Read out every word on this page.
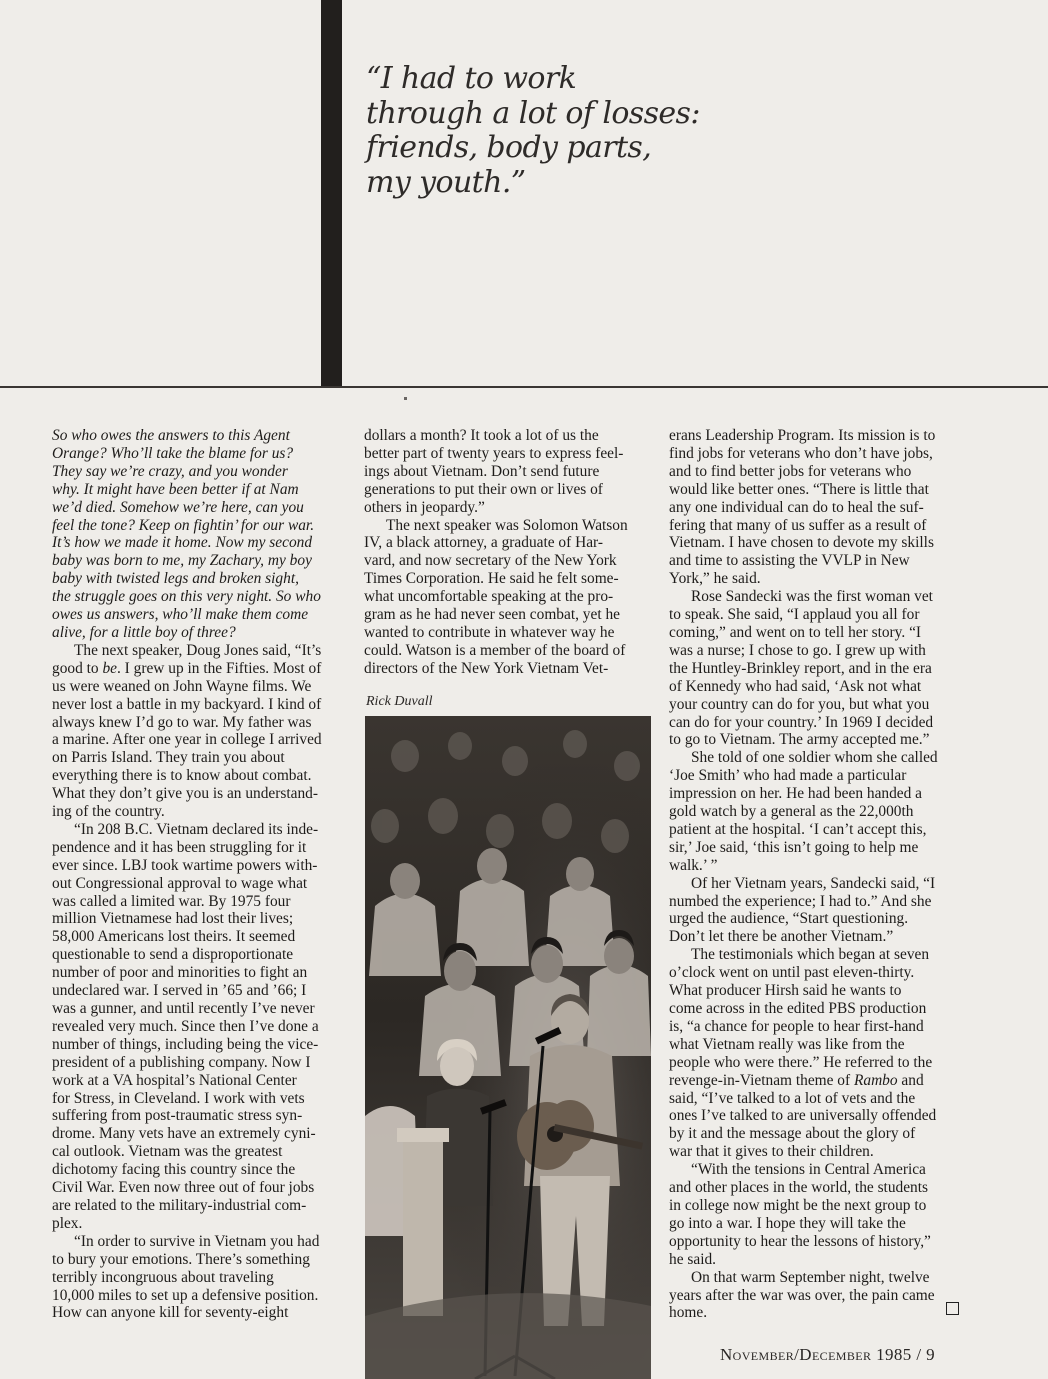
“I had to work
through a lot of losses:
friends, body parts,
my youth.”
So who owes the answers to this Agent
Orange? Who’ll take the blame for us?
They say we’re crazy, and you wonder
why. It might have been better if at Nam
we’d died. Somehow we’re here, can you
feel the tone? Keep on fightin’ for our war.
It’s how we made it home. Now my second
baby was born to me, my Zachary, my boy
baby with twisted legs and broken sight,
the struggle goes on this very night. So who
owes us answers, who’ll make them come
alive, for a little boy of three?
The next speaker, Doug Jones said, “It’s
good to be. I grew up in the Fifties. Most of
us were weaned on John Wayne films. We
never lost a battle in my backyard. I kind of
always knew I’d go to war. My father was
a marine. After one year in college I arrived
on Parris Island. They train you about
everything there is to know about combat.
What they don’t give you is an understand-
ing of the country.
“In 208 B.C. Vietnam declared its inde-
pendence and it has been struggling for it
ever since. LBJ took wartime powers with-
out Congressional approval to wage what
was called a limited war. By 1975 four
million Vietnamese had lost their lives;
58,000 Americans lost theirs. It seemed
questionable to send a disproportionate
number of poor and minorities to fight an
undeclared war. I served in ’65 and ’66; I
was a gunner, and until recently I’ve never
revealed very much. Since then I’ve done a
number of things, including being the vice-
president of a publishing company. Now I
work at a VA hospital’s National Center
for Stress, in Cleveland. I work with vets
suffering from post-traumatic stress syn-
drome. Many vets have an extremely cyni-
cal outlook. Vietnam was the greatest
dichotomy facing this country since the
Civil War. Even now three out of four jobs
are related to the military-industrial com-
plex.
“In order to survive in Vietnam you had
to bury your emotions. There’s something
terribly incongruous about traveling
10,000 miles to set up a defensive position.
How can anyone kill for seventy-eight
dollars a month? It took a lot of us the
better part of twenty years to express feel-
ings about Vietnam. Don’t send future
generations to put their own or lives of
others in jeopardy.”
The next speaker was Solomon Watson
IV, a black attorney, a graduate of Har-
vard, and now secretary of the New York
Times Corporation. He said he felt some-
what uncomfortable speaking at the pro-
gram as he had never seen combat, yet he
wanted to contribute in whatever way he
could. Watson is a member of the board of
directors of the New York Vietnam Vet-
Rick Duvall
erans Leadership Program. Its mission is to
find jobs for veterans who don’t have jobs,
and to find better jobs for veterans who
would like better ones. “There is little that
any one individual can do to heal the suf-
fering that many of us suffer as a result of
Vietnam. I have chosen to devote my skills
and time to assisting the VVLP in New
York,” he said.
Rose Sandecki was the first woman vet
to speak. She said, “I applaud you all for
coming,” and went on to tell her story. “I
was a nurse; I chose to go. I grew up with
the Huntley-Brinkley report, and in the era
of Kennedy who had said, ‘Ask not what
your country can do for you, but what you
can do for your country.’ In 1969 I decided
to go to Vietnam. The army accepted me.”
She told of one soldier whom she called
‘Joe Smith’ who had made a particular
impression on her. He had been handed a
gold watch by a general as the 22,000th
patient at the hospital. ‘I can’t accept this,
sir,’ Joe said, ‘this isn’t going to help me
walk.’ ”
Of her Vietnam years, Sandecki said, “I
numbed the experience; I had to.” And she
urged the audience, “Start questioning.
Don’t let there be another Vietnam.”
The testimonials which began at seven
o’clock went on until past eleven-thirty.
What producer Hirsh said he wants to
come across in the edited PBS production
is, “a chance for people to hear first-hand
what Vietnam really was like from the
people who were there.” He referred to the
revenge-in-Vietnam theme of Rambo and
said, “I’ve talked to a lot of vets and the
ones I’ve talked to are universally offended
by it and the message about the glory of
war that it gives to their children.
“With the tensions in Central America
and other places in the world, the students
in college now might be the next group to
go into a war. I hope they will take the
opportunity to hear the lessons of history,”
he said.
On that warm September night, twelve
years after the war was over, the pain came
home.
November/December 1985 / 9
